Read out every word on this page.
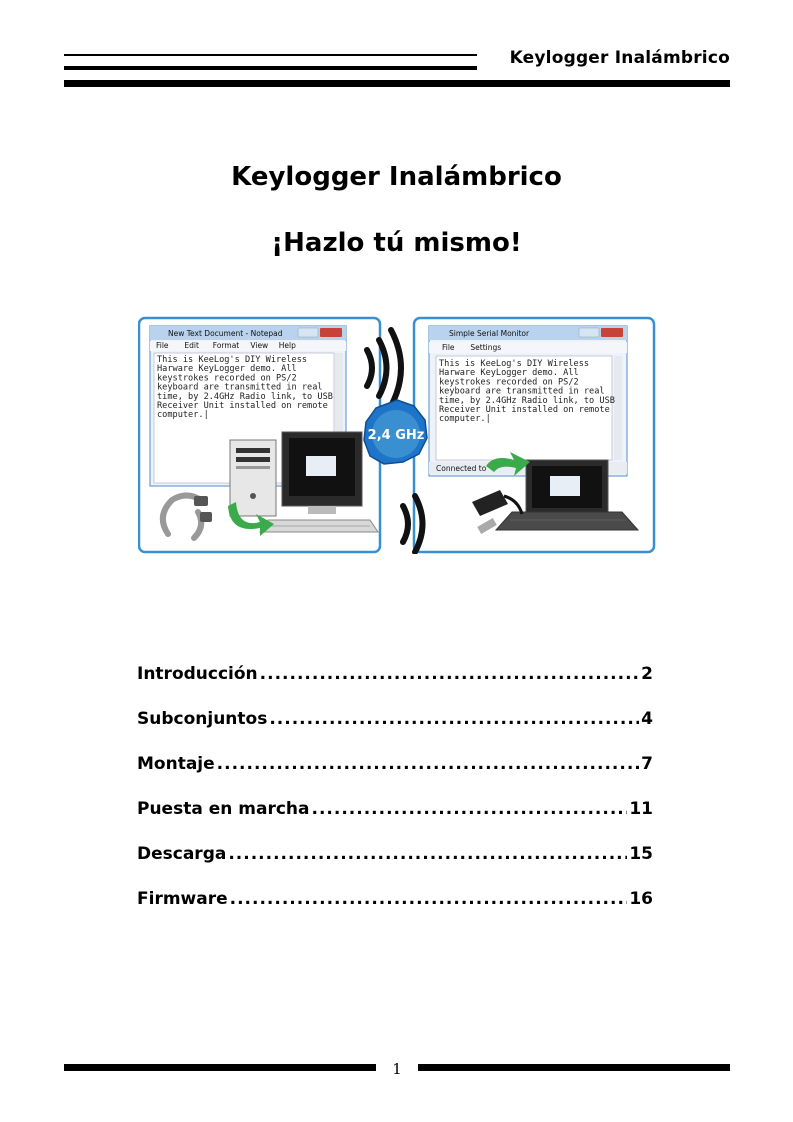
Keylogger Inalámbrico
Keylogger Inalámbrico
¡Hazlo tú mismo!
New Text Document - Notepad
File Edit Format View Help
This is KeeLog's DIY Wireless
Harware KeyLogger demo. All
keystrokes recorded on PS/2
keyboard are transmitted in real
time, by 2.4GHz Radio link, to USB
Receiver Unit installed on remote
computer.|
Simple Serial Monitor
File Settings
This is KeeLog's DIY Wireless
Harware KeyLogger demo. All
keystrokes recorded on PS/2
keyboard are transmitted in real
time, by 2.4GHz Radio link, to USB
Receiver Unit installed on remote
computer.|
Connected to
2,4 GHz
Introducción .....	2
Subconjuntos .....	4
Montaje .....	7
Puesta en marcha .....	11
Descarga .....	15
Firmware .....	16
1
